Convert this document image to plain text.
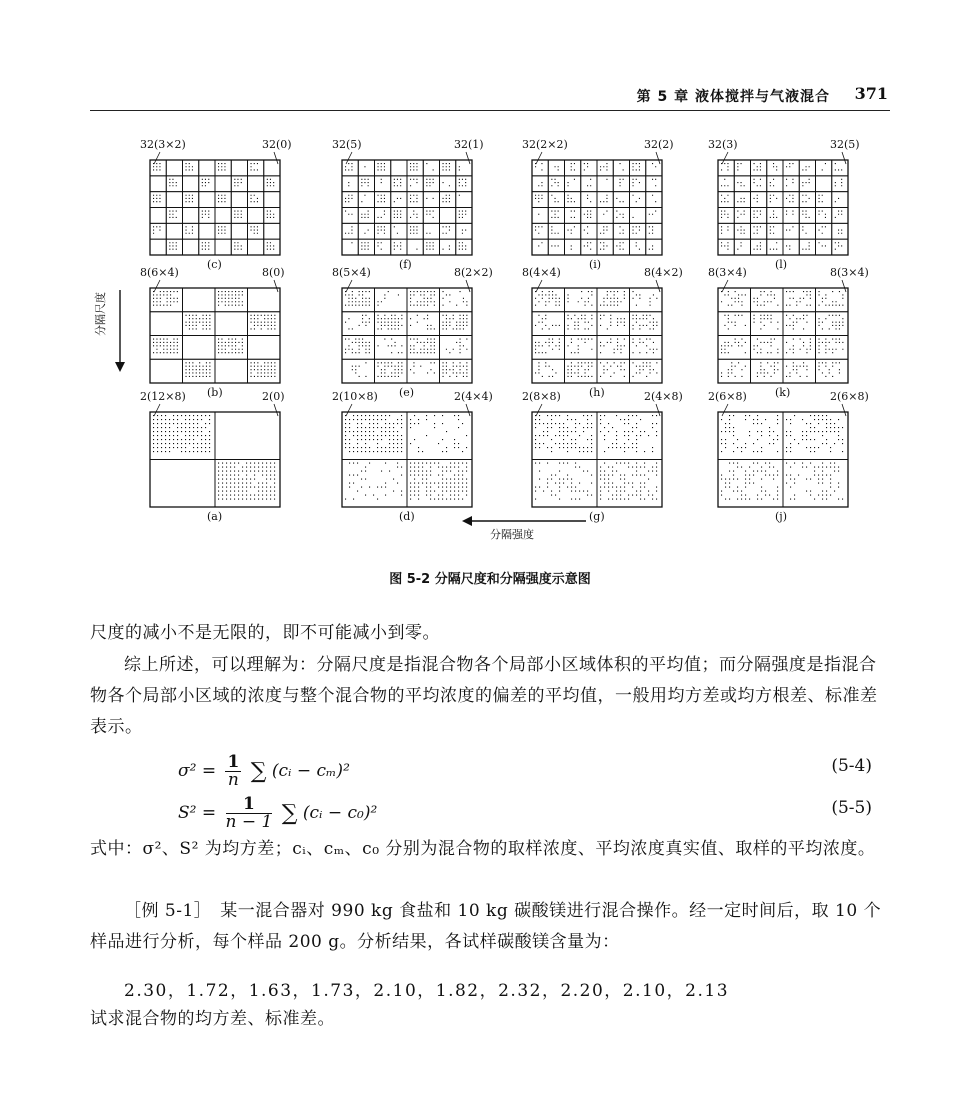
第 5 章 液体搅拌与气液混合 371
32(3×2)	32(0)
(c)
32(5)	32(1)
(f)
32(2×2)	32(2)
(i)
32(3)	32(5)
(l)
8(6×4)	8(0)
(b)
8(5×4)	8(2×2)
(e)
8(4×4)	8(4×2)
(h)
8(3×4)	8(3×4)
(k)
2(12×8)	2(0)
(a)
2(10×8)	2(4×4)
(d)
2(8×8)	2(4×8)
(g)
2(6×8)	2(6×8)
(j)
分隔尺度
分隔强度
图 5-2 分隔尺度和分隔强度示意图

尺度的减小不是无限的，即不可能减小到零。

综上所述，可以理解为：分隔尺度是指混合物各个局部小区域体积的平均值；而分隔强度是指混合物各个局部小区域的浓度与整个混合物的平均浓度的偏差的平均值，一般用均方差或均方根差、标准差表示。

$\sigma^2 = \frac{1}{n}$ ∑ (cᵢ − cₘ)²	(5-4)
$S^2 = \frac{1}{n - 1}$ ∑ (cᵢ − c₀)²	(5-5)

式中：σ²、S² 为均方差；cᵢ、cₘ、c₀ 分别为混合物的取样浓度、平均浓度真实值、取样的平均浓度。

［例 5-1］　某一混合器对 990 kg 食盐和 10 kg 碳酸镁进行混合操作。经一定时间后，取 10 个样品进行分析，每个样品 200 g。分析结果，各试样碳酸镁含量为：

2.30，1.72，1.63，1.73，2.10，1.82，2.32，2.20，2.10，2.13

试求混合物的均方差、标准差。
